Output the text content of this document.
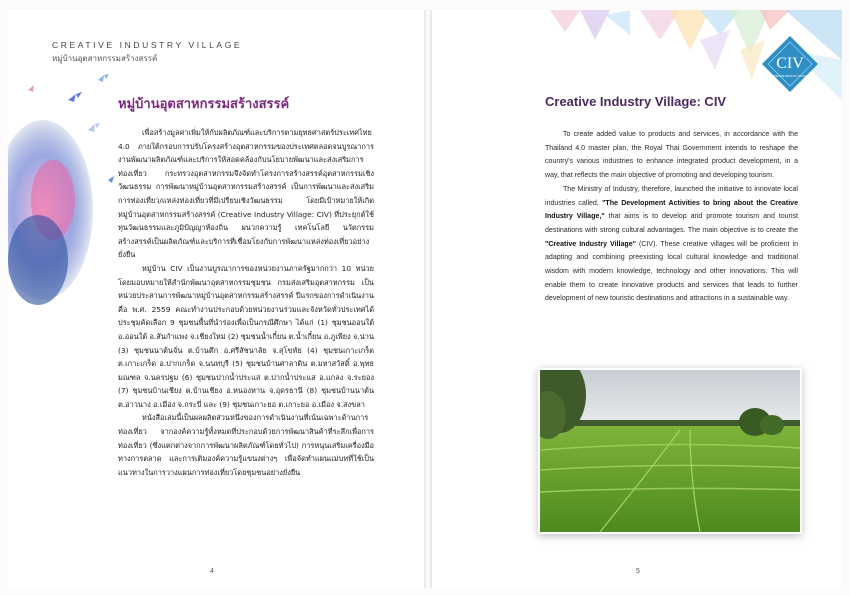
CREATIVE INDUSTRY VILLAGE
หมู่บ้านอุตสาหกรรมสร้างสรรค์	CIV
CREATIVE INDUSTRY VILLAGE
หมู่บ้านอุตสาหกรรมสร้างสรรค์

เพื่อสร้างมูลค่าเพิ่มให้กับผลิตภัณฑ์และบริการตามยุทธศาสตร์ประเทศไทย 4.0 ภายใต้กรอบการปรับโครงสร้างอุตสาหกรรมของประเทศตลอดจนบูรณาการงานพัฒนาผลิตภัณฑ์และบริการให้สอดคล้องกับนโยบายพัฒนาและส่งเสริมการท่องเที่ยว กระทรวงอุตสาหกรรมจึงจัดทำโครงการสร้างสรรค์อุตสาหกรรมเชิงวัฒนธรรม การพัฒนาหมู่บ้านอุตสาหกรรมสร้างสรรค์ เป็นการพัฒนาและส่งเสริมการท่องเที่ยว/แหล่งท่องเที่ยวที่มีเปรียบเชิงวัฒนธรรม โดยมีเป้าหมายให้เกิด หมู่บ้านอุตสาหกรรมสร้างสรรค์ (Creative Industry Village: CIV) ที่ประยุกต์ใช้ทุนวัฒนธรรมและภูมิปัญญาท้องถิ่น ผนวกความรู้ เทคโนโลยี นวัตกรรม สร้างสรรค์เป็นผลิตภัณฑ์และบริการที่เชื่อมโยงกับการพัฒนาแหล่งท่องเที่ยวอย่างยั่งยืน

หมู่บ้าน CIV เป็นงานบูรณาการของหน่วยงานภาครัฐมากกว่า 10 หน่วย โดยมอบหมายให้สำนักพัฒนาอุตสาหกรรมชุมชน กรมส่งเสริมอุตสาหกรรม เป็นหน่วยประสานการพัฒนาหมู่บ้านอุตสาหกรรมสร้างสรรค์ ปีแรกของการดำเนินงานคือ พ.ศ. 2559 คณะทำงานประกอบด้วยหน่วยงานร่วมและจังหวัดทั่วประเทศได้ประชุมคัดเลือก 9 ชุมชนพื้นที่นำร่องเพื่อเป็นกรณีศึกษา ได้แก่ (1) ชุมชนออนใต้ อ.ออนใต้ อ.สันกำแพง จ.เชียงใหม่ (2) ชุมชนน้ำเกี๋ยน ต.น้ำเกี๋ยน อ.ภูเพียง จ.น่าน (3) ชุมชนนาต้นจั่น ต.บ้านตึก อ.ศรีสัชนาลัย จ.สุโขทัย (4) ชุมชนเกาะเกร็ด ต.เกาะเกร็ด อ.ปากเกร็ด จ.นนทบุรี (5) ชุมชนบ้านศาลาดิน ต.มหาสวัสดิ์ อ.พุทธมณฑล จ.นครปฐม (6) ชุมชนปากน้ำประแส ต.ปากน้ำประแส อ.แกลง จ.ระยอง (7) ชุมชนบ้านเชียง ต.บ้านเชียง อ.หนองหาน จ.อุดรธานี (8) ชุมชนบ้านนาต้นต.อ่าวนาง อ.เมือง จ.กระบี่ และ (9) ชุมชนเกาะยอ ต.เกาะยอ อ.เมือง จ.สงขลา

หนังสือเล่มนี้เป็นผลผลิตส่วนหนึ่งของการดำเนินงานที่เน้นเฉพาะด้านการท่องเที่ยว จากองค์ความรู้ทั้งหมดที่ประกอบด้วยการพัฒนาสินค้าที่ระลึกเพื่อการท่องเที่ยว (ซึ่งแตกต่างจากการพัฒนาผลิตภัณฑ์โดยทั่วไป) การหนุนเสริมเครื่องมือทางการตลาด และการเติมองค์ความรู้แขนงต่างๆ เพื่อจัดทำแผนแม่บทที่ใช้เป็นแนวทางในการวางแผนการท่องเที่ยวโดยชุมชนอย่างยั่งยืน

4
Creative Industry Village: CIV

To create added value to products and services, in accordance with the Thailand 4.0 master plan, the Royal Thai Government intends to reshape the country's various industries to enhance integrated product development, in a way, that reflects the main objective of promoting and developing tourism.

The Ministry of Industry, therefore, launched the initiative to innovate local industries called, "The Development Activities to bring about the Creative Industry Village," that aims is to develop and promote tourism and tourist destinations with strong cultural advantages. The main objective is to create the "Creative Industry Village" (CIV). These creative villages will be proficient in adapting and combining preexisting local cultural knowledge and traditional wisdom with modern knowledge, technology and other innovations. This will enable them to create innovative products and services that leads to further development of new touristic destinations and attractions in a sustainable way.

5
